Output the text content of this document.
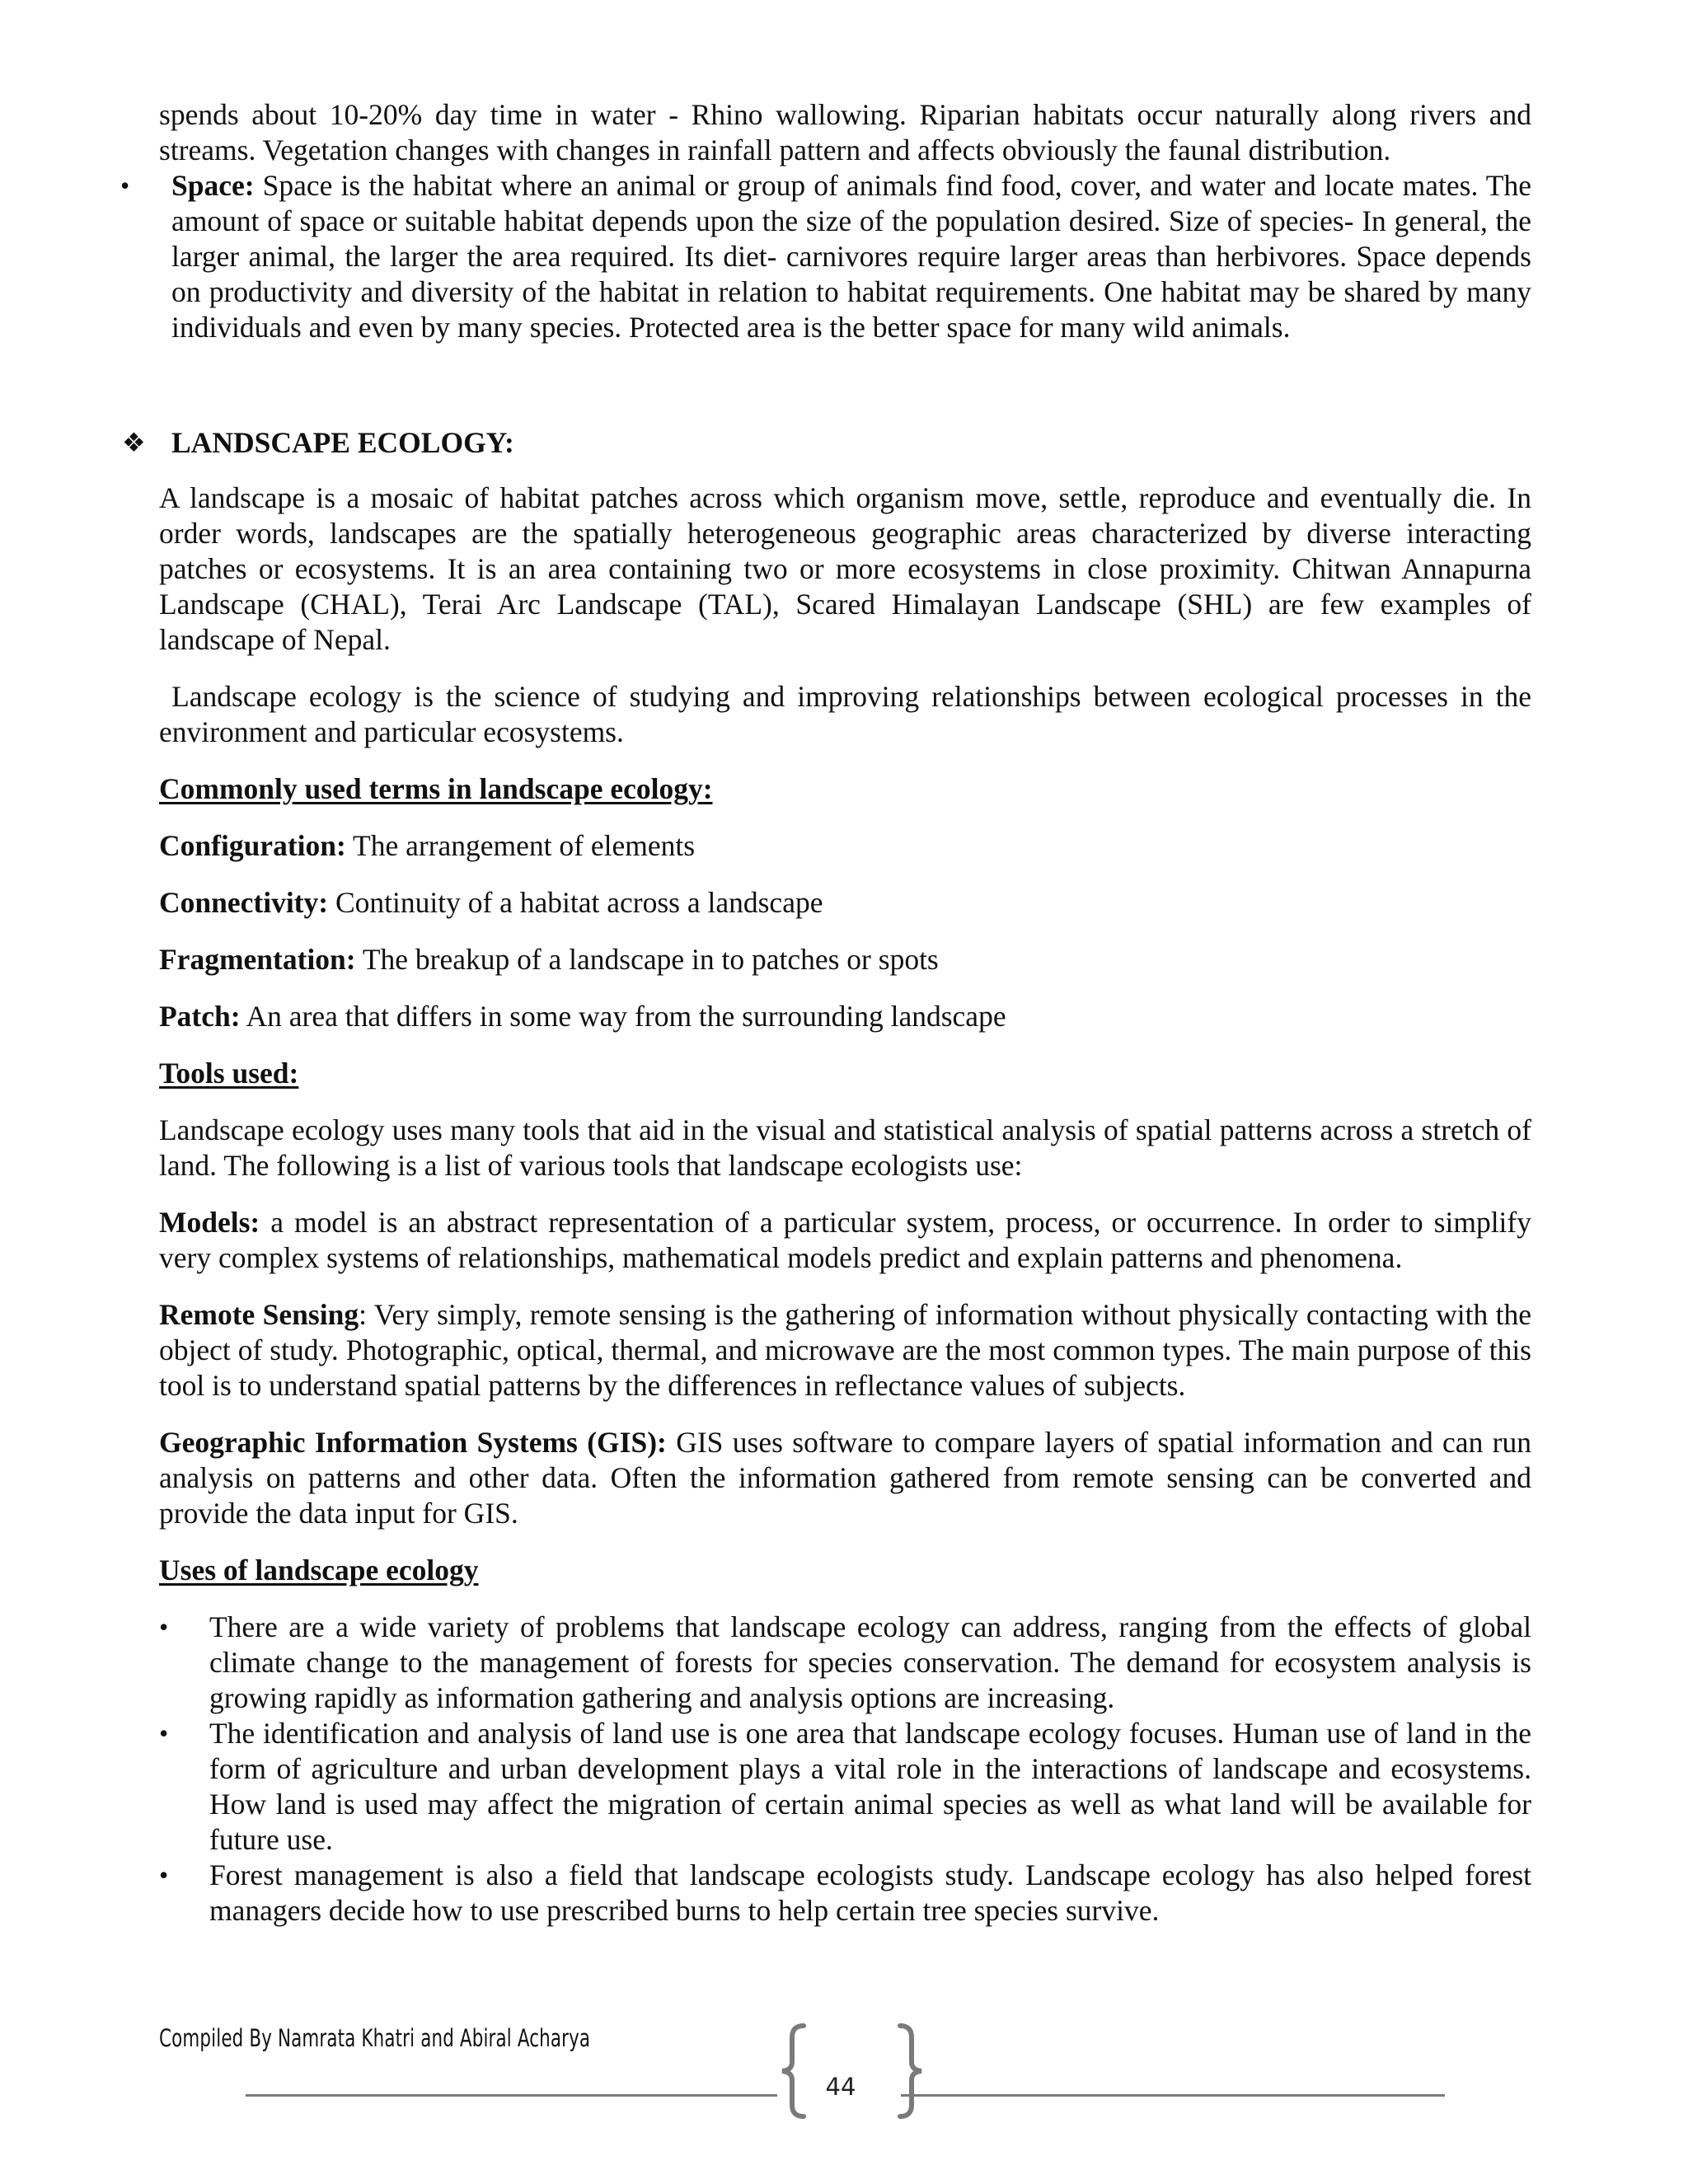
spends about 10-20% day time in water - Rhino wallowing. Riparian habitats occur naturally along rivers and streams. Vegetation changes with changes in rainfall pattern and affects obviously the faunal distribution.

• Space: Space is the habitat where an animal or group of animals find food, cover, and water and locate mates. The amount of space or suitable habitat depends upon the size of the population desired. Size of species- In general, the larger animal, the larger the area required. Its diet- carnivores require larger areas than herbivores. Space depends on productivity and diversity of the habitat in relation to habitat requirements. One habitat may be shared by many individuals and even by many species. Protected area is the better space for many wild animals.
❖ LANDSCAPE ECOLOGY:

A landscape is a mosaic of habitat patches across which organism move, settle, reproduce and eventually die. In order words, landscapes are the spatially heterogeneous geographic areas characterized by diverse interacting patches or ecosystems. It is an area containing two or more ecosystems in close proximity. Chitwan Annapurna Landscape (CHAL), Terai Arc Landscape (TAL), Scared Himalayan Landscape (SHL) are few examples of landscape of Nepal.

Landscape ecology is the science of studying and improving relationships between ecological processes in the environment and particular ecosystems.

Commonly used terms in landscape ecology:

Configuration: The arrangement of elements

Connectivity: Continuity of a habitat across a landscape

Fragmentation: The breakup of a landscape in to patches or spots

Patch: An area that differs in some way from the surrounding landscape

Tools used:

Landscape ecology uses many tools that aid in the visual and statistical analysis of spatial patterns across a stretch of land. The following is a list of various tools that landscape ecologists use:

Models: a model is an abstract representation of a particular system, process, or occurrence. In order to simplify very complex systems of relationships, mathematical models predict and explain patterns and phenomena.

Remote Sensing: Very simply, remote sensing is the gathering of information without physically contacting with the object of study. Photographic, optical, thermal, and microwave are the most common types. The main purpose of this tool is to understand spatial patterns by the differences in reflectance values of subjects.

Geographic Information Systems (GIS): GIS uses software to compare layers of spatial information and can run analysis on patterns and other data. Often the information gathered from remote sensing can be converted and provide the data input for GIS.

Uses of landscape ecology

• There are a wide variety of problems that landscape ecology can address, ranging from the effects of global climate change to the management of forests for species conservation. The demand for ecosystem analysis is growing rapidly as information gathering and analysis options are increasing.
• The identification and analysis of land use is one area that landscape ecology focuses. Human use of land in the form of agriculture and urban development plays a vital role in the interactions of landscape and ecosystems. How land is used may affect the migration of certain animal species as well as what land will be available for future use.
• Forest management is also a field that landscape ecologists study. Landscape ecology has also helped forest managers decide how to use prescribed burns to help certain tree species survive.
Compiled By Namrata Khatri and Abiral Acharya
44
